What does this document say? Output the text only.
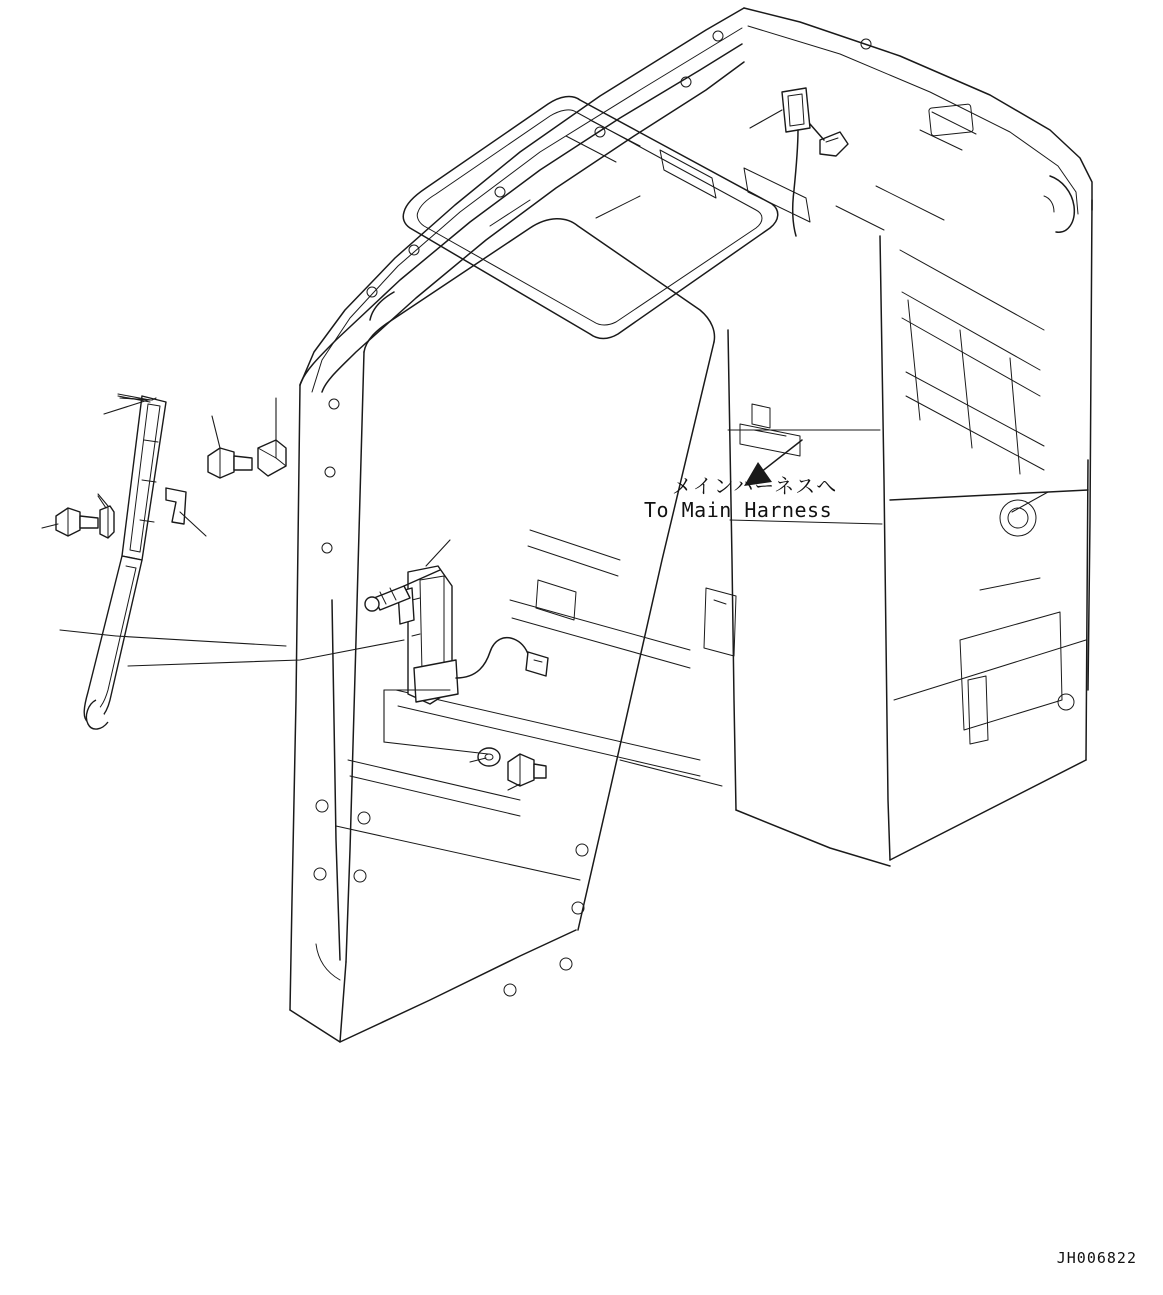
メインハーネスへ
To Main Harness
JH006822
